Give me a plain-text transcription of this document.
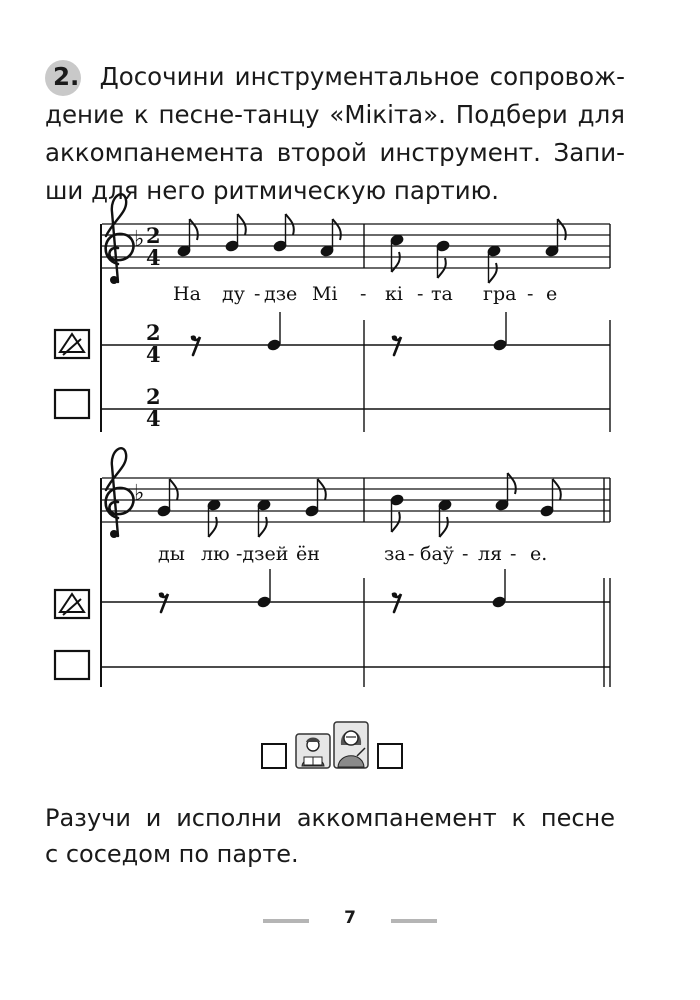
2. Досочини инструментальное сопровож-
дение к песне-танцу «Мікіта». Подбери для
аккомпанемента второй инструмент. Запи-
ши для него ритмическую партию.
♭ 2
4
На ду - дзе Мі - кі - та гра - е
2
4
2
4
♭
ды лю -дзей ён	за - баў - ля - е.
Разучи и исполни аккомпанемент к песне
с соседом по парте.
7
